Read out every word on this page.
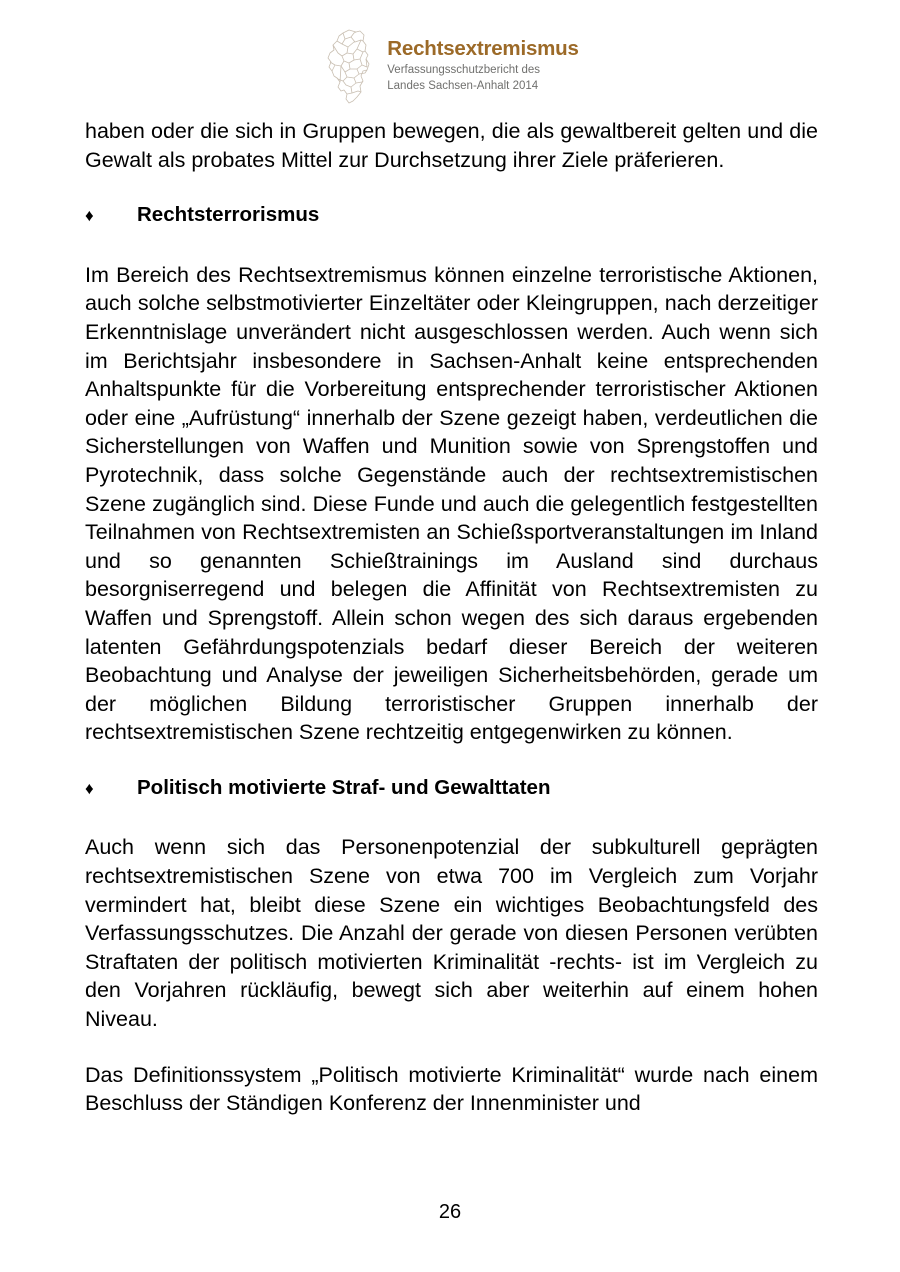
Rechtsextremismus
Verfassungsschutzbericht des
Landes Sachsen-Anhalt 2014

haben oder die sich in Gruppen bewegen, die als gewaltbereit gelten und die Gewalt als probates Mittel zur Durchsetzung ihrer Ziele präferieren.

♦	Rechtsterrorismus

Im Bereich des Rechtsextremismus können einzelne terroristische Aktionen, auch solche selbstmotivierter Einzeltäter oder Kleingruppen, nach derzeitiger Erkenntnislage unverändert nicht ausgeschlossen werden. Auch wenn sich im Berichtsjahr insbesondere in Sachsen-Anhalt keine entsprechenden Anhaltspunkte für die Vorbereitung entsprechender terroristischer Aktionen oder eine „Aufrüstung“ innerhalb der Szene gezeigt haben, verdeutlichen die Sicherstellungen von Waffen und Munition sowie von Sprengstoffen und Pyrotechnik, dass solche Gegenstände auch der rechtsextremistischen Szene zugänglich sind. Diese Funde und auch die gelegentlich festgestellten Teilnahmen von Rechtsextremisten an Schießsportveranstaltungen im Inland und so genannten Schießtrainings im Ausland sind durchaus besorgniserregend und belegen die Affinität von Rechtsextremisten zu Waffen und Sprengstoff. Allein schon wegen des sich daraus ergebenden latenten Gefährdungspotenzials bedarf dieser Bereich der weiteren Beobachtung und Analyse der jeweiligen Sicherheitsbehörden, gerade um der möglichen Bildung terroristischer Gruppen innerhalb der rechtsextremistischen Szene rechtzeitig entgegenwirken zu können.

♦	Politisch motivierte Straf- und Gewalttaten

Auch wenn sich das Personenpotenzial der subkulturell geprägten rechtsextremistischen Szene von etwa 700 im Vergleich zum Vorjahr vermindert hat, bleibt diese Szene ein wichtiges Beobachtungsfeld des Verfassungsschutzes. Die Anzahl der gerade von diesen Personen verübten Straftaten der politisch motivierten Kriminalität -rechts- ist im Vergleich zu den Vorjahren rückläufig, bewegt sich aber weiterhin auf einem hohen Niveau.

Das Definitionssystem „Politisch motivierte Kriminalität“ wurde nach einem Beschluss der Ständigen Konferenz der Innenminister und

26
